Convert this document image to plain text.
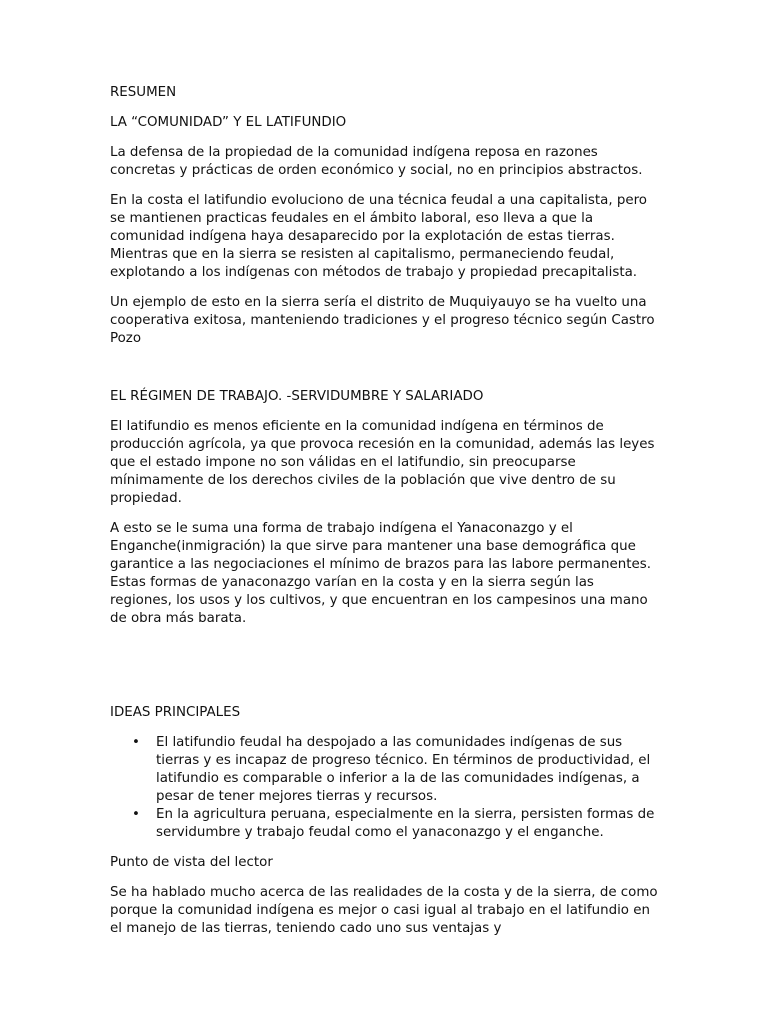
RESUMEN
LA “COMUNIDAD” Y EL LATIFUNDIO

La defensa de la propiedad de la comunidad indígena reposa en razones concretas y prácticas de orden económico y social, no en principios abstractos.

En la costa el latifundio evoluciono de una técnica feudal a una capitalista, pero se mantienen practicas feudales en el ámbito laboral, eso lleva a que la comunidad indígena haya desaparecido por la explotación de estas tierras. Mientras que en la sierra se resisten al capitalismo, permaneciendo feudal, explotando a los indígenas con métodos de trabajo y propiedad precapitalista.

Un ejemplo de esto en la sierra sería el distrito de Muquiyauyo se ha vuelto una cooperativa exitosa, manteniendo tradiciones y el progreso técnico según Castro Pozo

EL RÉGIMEN DE TRABAJO. -SERVIDUMBRE Y SALARIADO

El latifundio es menos eficiente en la comunidad indígena en términos de producción agrícola, ya que provoca recesión en la comunidad, además las leyes que el estado impone no son válidas en el latifundio, sin preocuparse mínimamente de los derechos civiles de la población que vive dentro de su propiedad.

A esto se le suma una forma de trabajo indígena el Yanaconazgo y el Enganche(inmigración) la que sirve para mantener una base demográfica que garantice a las negociaciones el mínimo de brazos para las labore permanentes. Estas formas de yanaconazgo varían en la costa y en la sierra según las regiones, los usos y los cultivos, y que encuentran en los campesinos una mano de obra más barata.

IDEAS PRINCIPALES
• El latifundio feudal ha despojado a las comunidades indígenas de sus tierras y es incapaz de progreso técnico. En términos de productividad, el latifundio es comparable o inferior a la de las comunidades indígenas, a pesar de tener mejores tierras y recursos.
• En la agricultura peruana, especialmente en la sierra, persisten formas de servidumbre y trabajo feudal como el yanaconazgo y el enganche.
Punto de vista del lector

Se ha hablado mucho acerca de las realidades de la costa y de la sierra, de como porque la comunidad indígena es mejor o casi igual al trabajo en el latifundio en el manejo de las tierras, teniendo cado uno sus ventajas y
